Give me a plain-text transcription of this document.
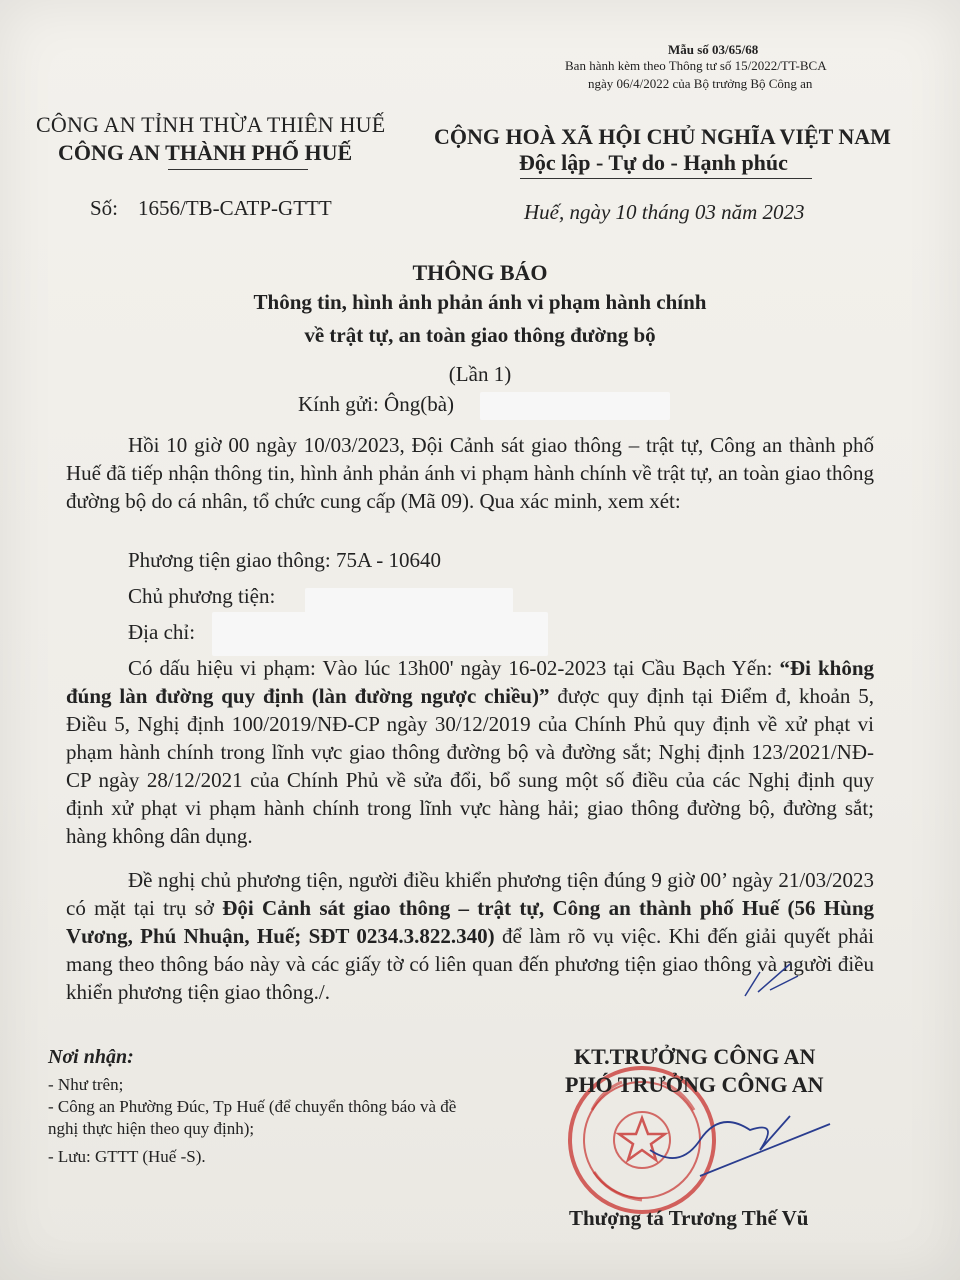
Mẫu số 03/65/68
Ban hành kèm theo Thông tư số 15/2022/TT-BCA
ngày 06/4/2022 của Bộ trưởng Bộ Công an
CÔNG AN TỈNH THỪA THIÊN HUẾ
CÔNG AN THÀNH PHỐ HUẾ
CỘNG HOÀ XÃ HỘI CHỦ NGHĨA VIỆT NAM
Độc lập - Tự do - Hạnh phúc
Số: 1656/TB-CATP-GTTT	Huế, ngày 10 tháng 03 năm 2023
THÔNG BÁO
Thông tin, hình ảnh phản ánh vi phạm hành chính
về trật tự, an toàn giao thông đường bộ
(Lần 1)
Kính gửi: Ông(bà)
Hồi 10 giờ 00 ngày 10/03/2023, Đội Cảnh sát giao thông – trật tự, Công an thành phố Huế đã tiếp nhận thông tin, hình ảnh phản ánh vi phạm hành chính về trật tự, an toàn giao thông đường bộ do cá nhân, tổ chức cung cấp (Mã 09). Qua xác minh, xem xét:
Phương tiện giao thông: 75A - 10640
Chủ phương tiện:
Địa chỉ:
Có dấu hiệu vi phạm: Vào lúc 13h00' ngày 16-02-2023 tại Cầu Bạch Yến: “Đi không đúng làn đường quy định (làn đường ngược chiều)” được quy định tại Điểm đ, khoản 5, Điều 5, Nghị định 100/2019/NĐ-CP ngày 30/12/2019 của Chính Phủ quy định về xử phạt vi phạm hành chính trong lĩnh vực giao thông đường bộ và đường sắt; Nghị định 123/2021/NĐ-CP ngày 28/12/2021 của Chính Phủ về sửa đổi, bổ sung một số điều của các Nghị định quy định xử phạt vi phạm hành chính trong lĩnh vực hàng hải; giao thông đường bộ, đường sắt; hàng không dân dụng.
Đề nghị chủ phương tiện, người điều khiển phương tiện đúng 9 giờ 00’ ngày 21/03/2023 có mặt tại trụ sở Đội Cảnh sát giao thông – trật tự, Công an thành phố Huế (56 Hùng Vương, Phú Nhuận, Huế; SĐT 0234.3.822.340) để làm rõ vụ việc. Khi đến giải quyết phải mang theo thông báo này và các giấy tờ có liên quan đến phương tiện giao thông và người điều khiển phương tiện giao thông./.
Nơi nhận:
- Như trên;
- Công an Phường Đúc, Tp Huế (để chuyển thông báo và đề nghị thực hiện theo quy định);
- Lưu: GTTT (Huế -S).
KT.TRƯỞNG CÔNG AN
PHÓ TRƯỞNG CÔNG AN
Thượng tá Trương Thế Vũ
